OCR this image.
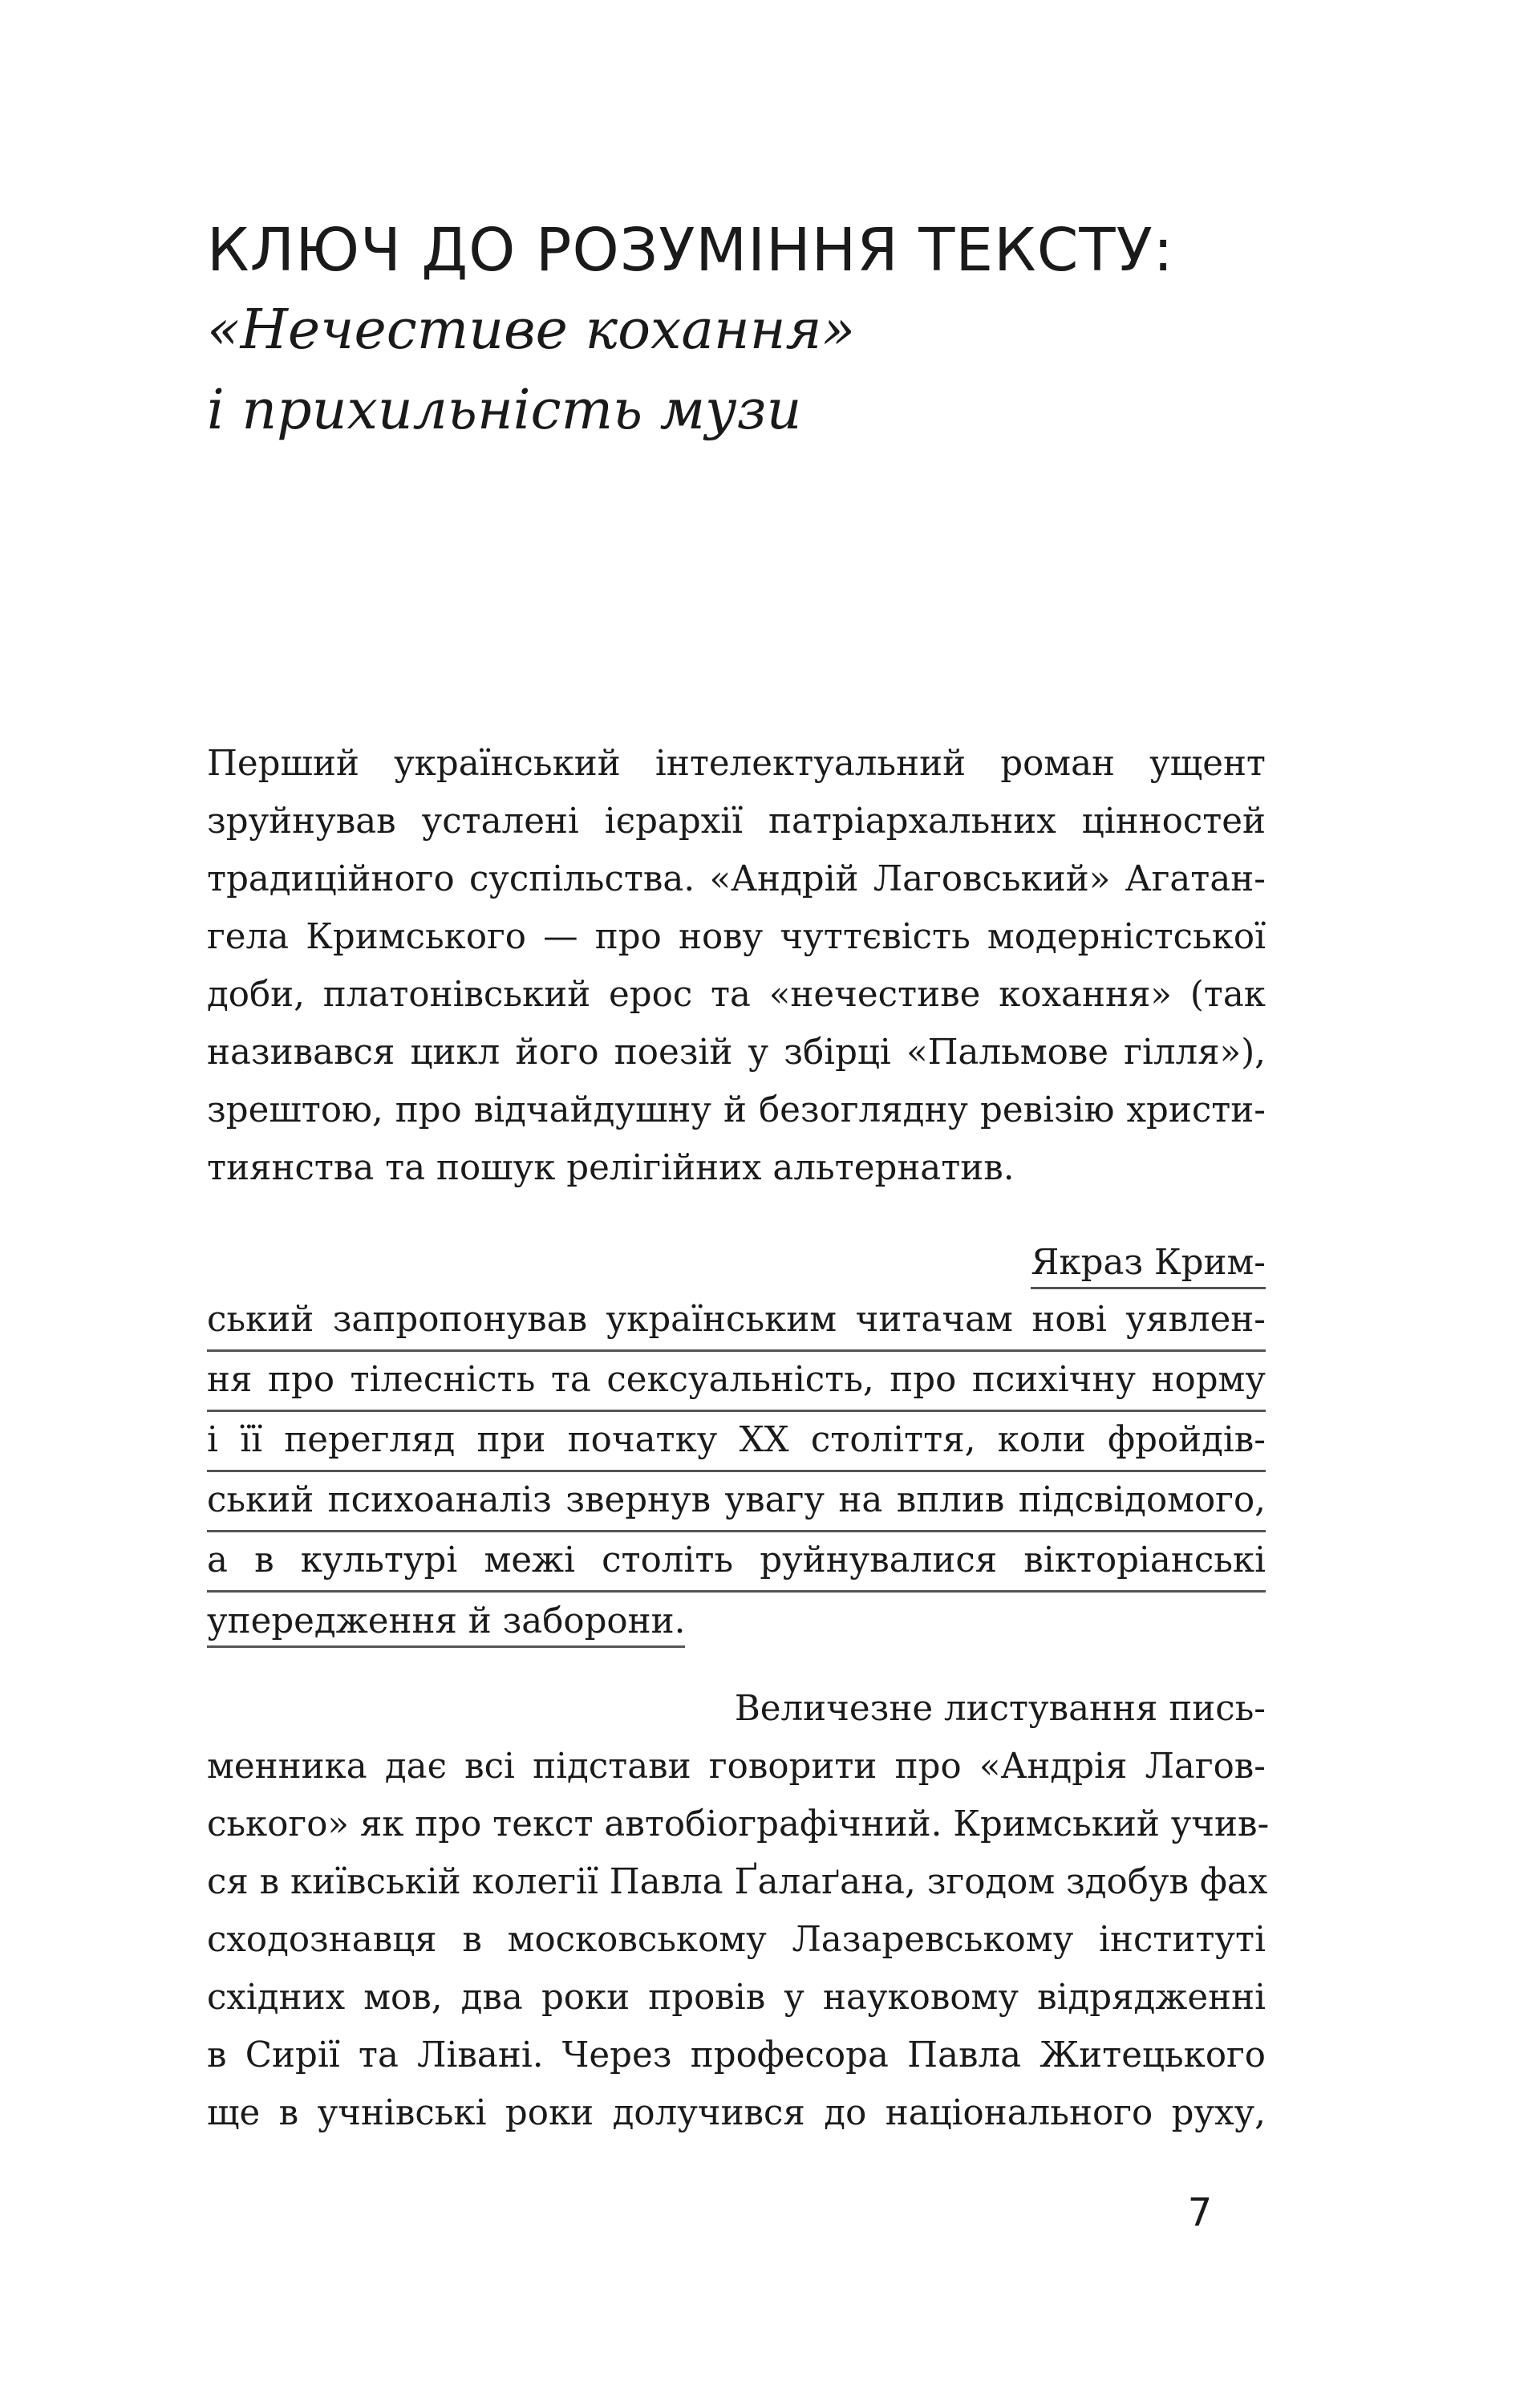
КЛЮЧ ДО РОЗУМІННЯ ТЕКСТУ:

«Нечестиве кохання»

і прихильність музи

Перший український інтелектуальний роман ущент
зруйнував усталені ієрархії патріархальних цінностей
традиційного суспільства. «Андрій Лаговський» Агатан-
гела Кримського — про нову чуттєвість модерністської
доби, платонівський ерос та «нечестиве кохання» (так
називався цикл його поезій у збірці «Пальмове гілля»),
зрештою, про відчайдушну й безоглядну ревізію христи-
тиянства та пошук релігійних альтернатив.
Якраз Крим-
ський запропонував українським читачам нові уявлен-
ня про тілесність та сексуальність, про психічну норму
і її перегляд при початку ХХ століття, коли фройдів-
ський психоаналіз звернув увагу на вплив підсвідомого,
а в культурі межі століть руйнувалися вікторіанські
упередження й заборони.
Величезне листування пись-
менника дає всі підстави говорити про «Андрія Лагов-
ського» як про текст автобіографічний. Кримський учив-
ся в київській колегії Павла Ґалаґана, згодом здобув фах
сходознавця в московському Лазаревському інституті
східних мов, два роки провів у науковому відрядженні
в Сирії та Лівані. Через професора Павла Житецького
ще в учнівські роки долучився до національного руху,
7
